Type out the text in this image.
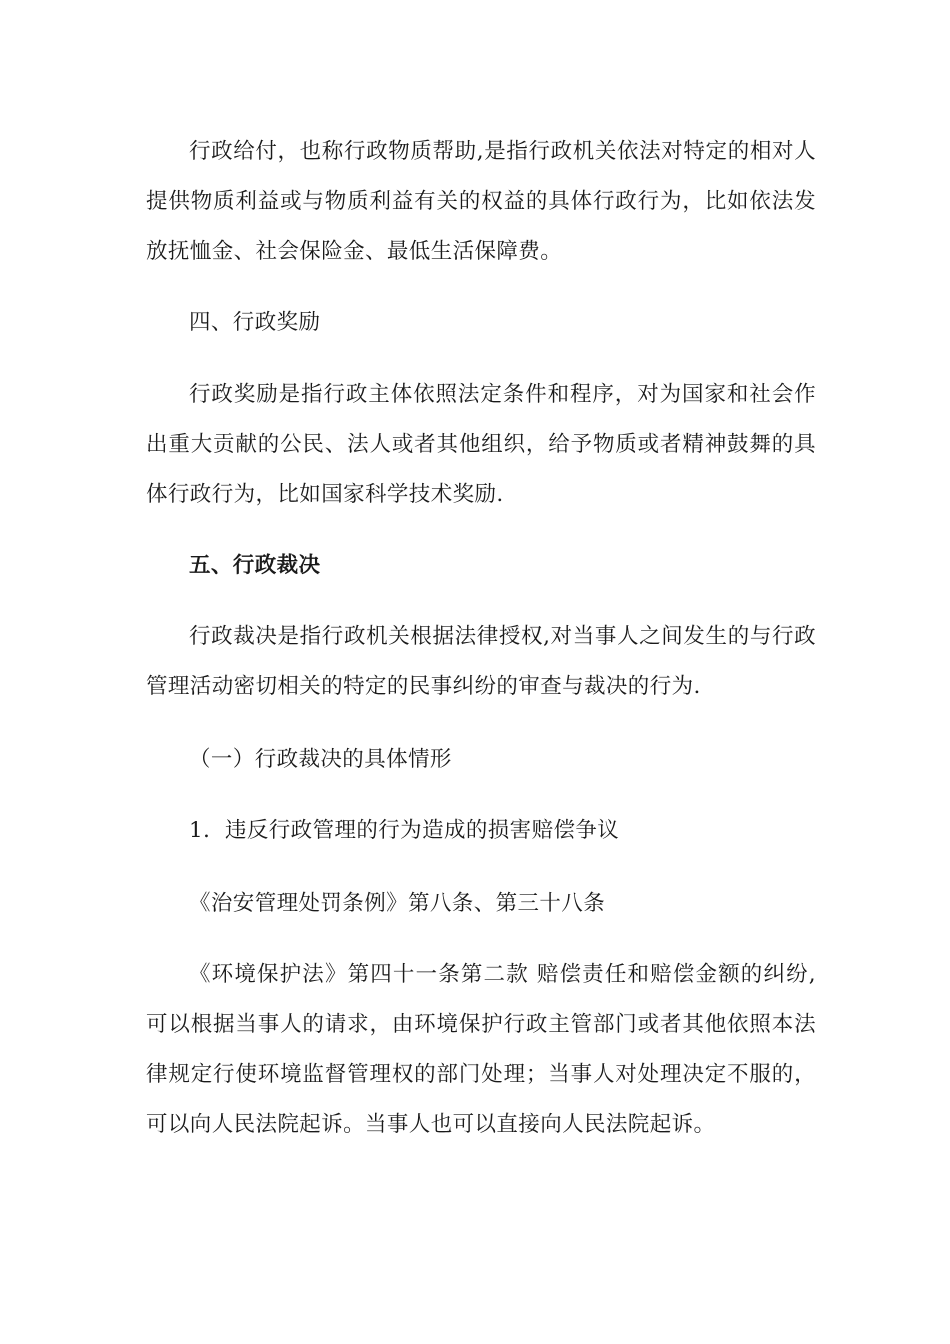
行政给付，也称行政物质帮助,是指行政机关依法对特定的相对人提供物质利益或与物质利益有关的权益的具体行政行为，比如依法发放抚恤金、社会保险金、最低生活保障费。

四、行政奖励

行政奖励是指行政主体依照法定条件和程序，对为国家和社会作出重大贡献的公民、法人或者其他组织，给予物质或者精神鼓舞的具体行政行为，比如国家科学技术奖励.

五、行政裁决

行政裁决是指行政机关根据法律授权,对当事人之间发生的与行政管理活动密切相关的特定的民事纠纷的审查与裁决的行为.

（一）行政裁决的具体情形

1．违反行政管理的行为造成的损害赔偿争议

《治安管理处罚条例》第八条、第三十八条

《环境保护法》第四十一条第二款 赔偿责任和赔偿金额的纠纷,可以根据当事人的请求，由环境保护行政主管部门或者其他依照本法律规定行使环境监督管理权的部门处理；当事人对处理决定不服的，可以向人民法院起诉。当事人也可以直接向人民法院起诉。
